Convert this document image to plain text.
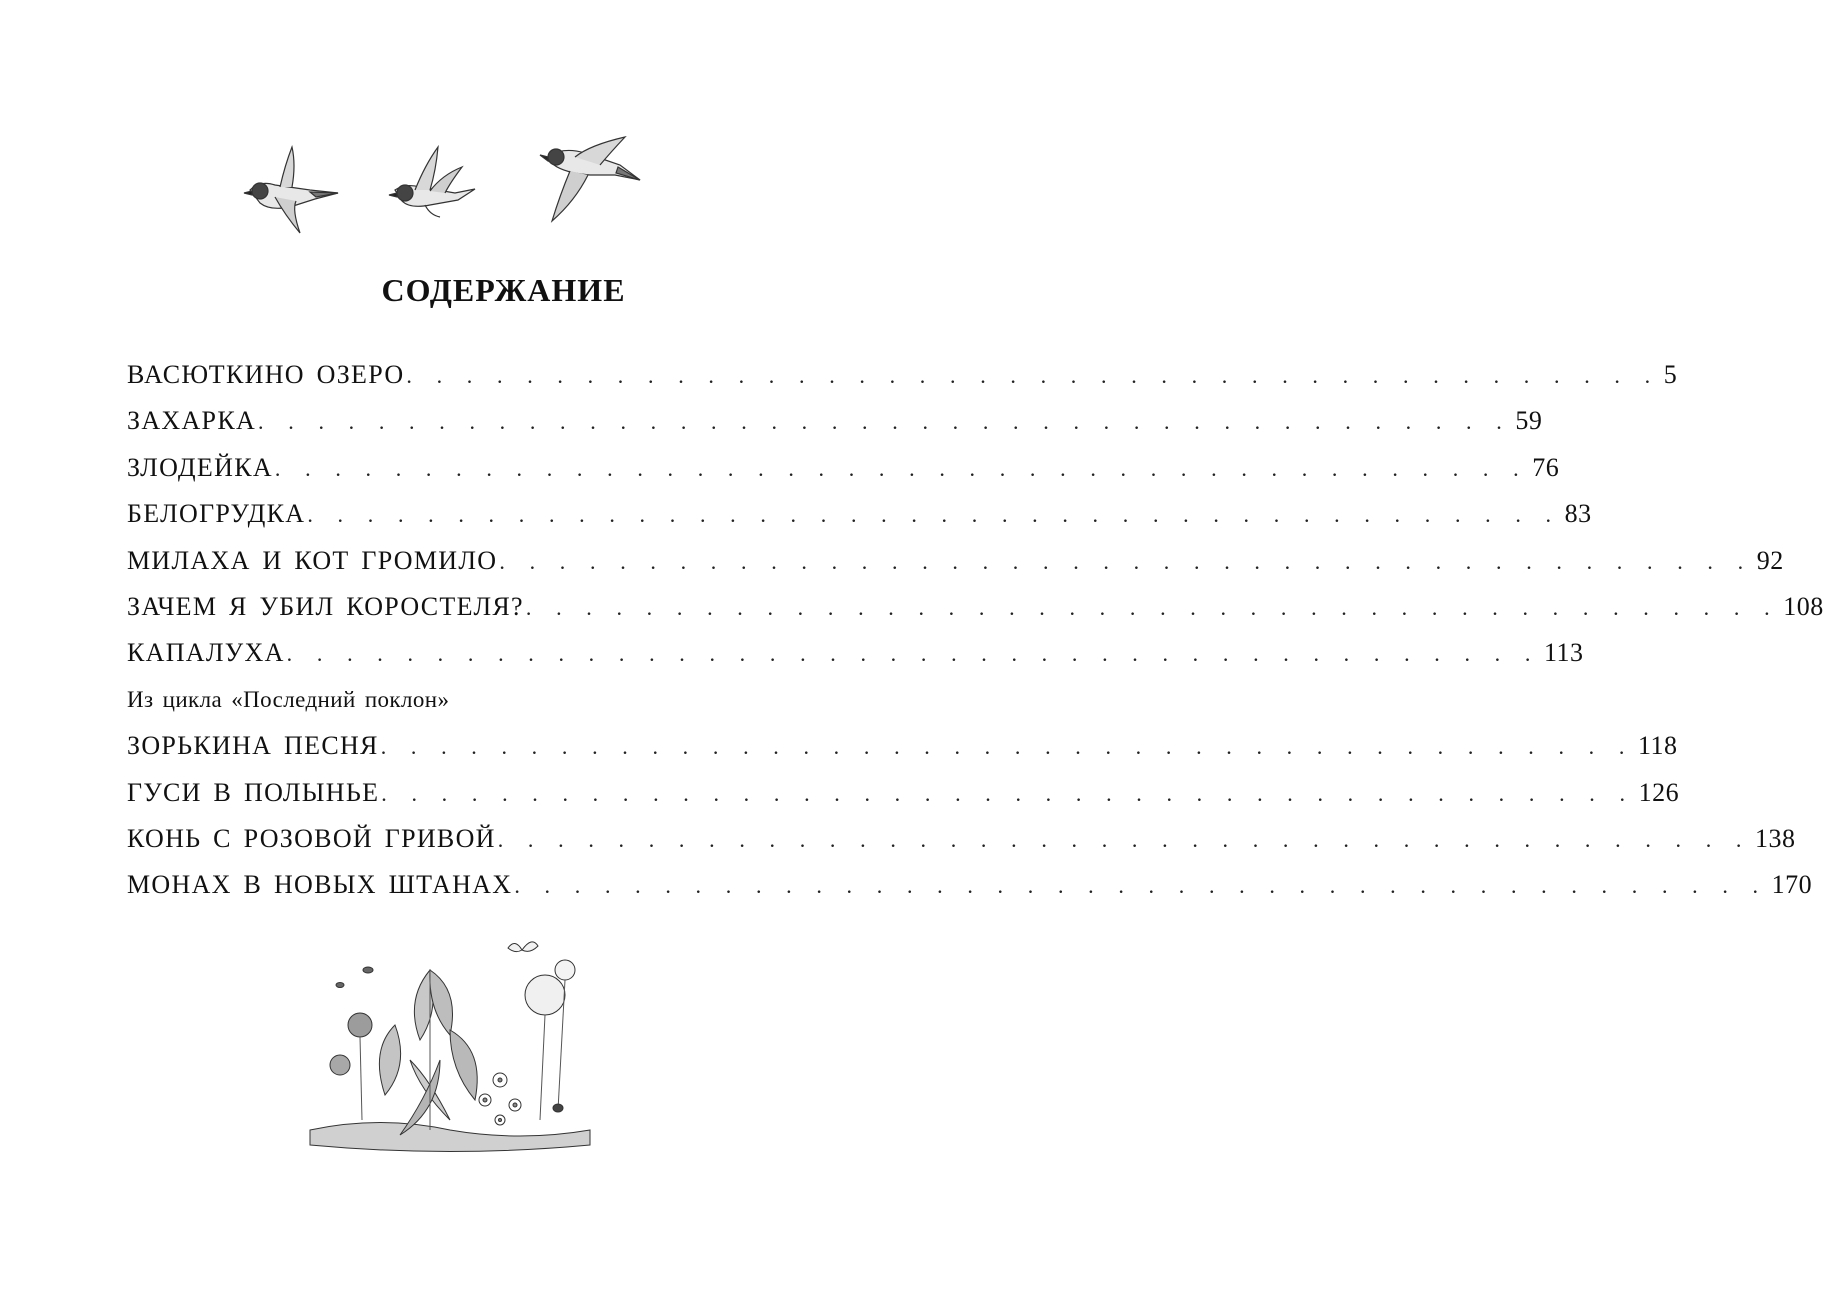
СОДЕРЖАНИЕ
ВАСЮТКИНО ОЗЕРО . . . . . . . . . . . . . . . . . . . . . . . . . . . . . . . . . . . . . . . . . . 5
ЗАХАРКА . . . . . . . . . . . . . . . . . . . . . . . . . . . . . . . . . . . . . . . . . . 59
ЗЛОДЕЙКА . . . . . . . . . . . . . . . . . . . . . . . . . . . . . . . . . . . . . . . . . . 76
БЕЛОГРУДКА . . . . . . . . . . . . . . . . . . . . . . . . . . . . . . . . . . . . . . . . . . 83
МИЛАХА И КОТ ГРОМИЛО . . . . . . . . . . . . . . . . . . . . . . . . . . . . . . . . . . . . . . . . . . 92
ЗАЧЕМ Я УБИЛ КОРОСТЕЛЯ? . . . . . . . . . . . . . . . . . . . . . . . . . . . . . . . . . . . . . . . . . . 108
КАПАЛУХА . . . . . . . . . . . . . . . . . . . . . . . . . . . . . . . . . . . . . . . . . . 113
Из цикла «Последний поклон»
ЗОРЬКИНА ПЕСНЯ . . . . . . . . . . . . . . . . . . . . . . . . . . . . . . . . . . . . . . . . . . 118
ГУСИ В ПОЛЫНЬЕ . . . . . . . . . . . . . . . . . . . . . . . . . . . . . . . . . . . . . . . . . . 126
КОНЬ С РОЗОВОЙ ГРИВОЙ . . . . . . . . . . . . . . . . . . . . . . . . . . . . . . . . . . . . . . . . . . 138
МОНАХ В НОВЫХ ШТАНАХ . . . . . . . . . . . . . . . . . . . . . . . . . . . . . . . . . . . . . . . . . . 170
